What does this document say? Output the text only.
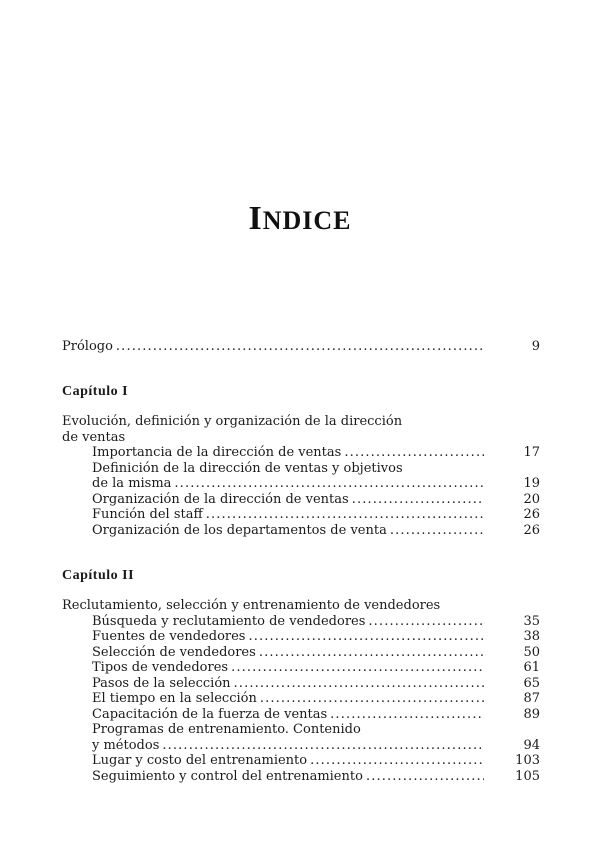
INDICE
Prólogo . . .	9
Capítulo I
Evolución, definición y organización de la dirección
de ventas
Importancia de la dirección de ventas . . .	17
Definición de la dirección de ventas y objetivos
de la misma . . .	19
Organización de la dirección de ventas . . .	20
Función del staff . . .	26
Organización de los departamentos de venta . . .	26
Capítulo II
Reclutamiento, selección y entrenamiento de vendedores
Búsqueda y reclutamiento de vendedores . . .	35
Fuentes de vendedores . . .	38
Selección de vendedores . . .	50
Tipos de vendedores . . .	61
Pasos de la selección . . .	65
El tiempo en la selección . . .	87
Capacitación de la fuerza de ventas . . .	89
Programas de entrenamiento. Contenido
y métodos . . .	94
Lugar y costo del entrenamiento . . .	103
Seguimiento y control del entrenamiento . . .	105
